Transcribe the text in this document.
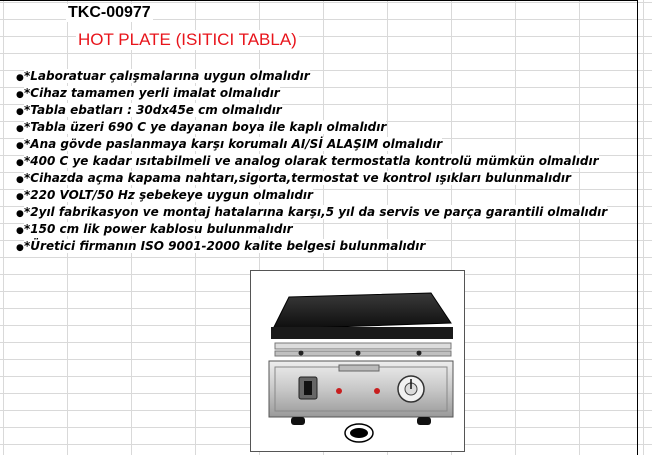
TKC-00977
HOT PLATE (ISITICI TABLA)
●*Laboratuar çalışmalarına uygun olmalıdır
●*Cihaz tamamen yerli imalat olmalıdır
●*Tabla ebatları : 30dx45e cm olmalıdır
●*Tabla üzeri 690 C ye dayanan boya ile kaplı olmalıdır
●*Ana gövde paslanmaya karşı korumalı AI/Sİ ALAŞIM olmalıdır
●*400 C ye kadar ısıtabilmeli ve analog olarak termostatla kontrolü mümkün olmalıdır
●*Cihazda açma kapama nahtarı,sigorta,termostat ve kontrol ışıkları bulunmalıdır
●*220 VOLT/50 Hz şebekeye uygun olmalıdır
●*2yıl fabrikasyon ve montaj hatalarına karşı,5 yıl da servis ve parça garantili olmalıdır
●*150 cm lik power kablosu bulunmalıdır
●*Üretici firmanın ISO 9001-2000 kalite belgesi bulunmalıdır
